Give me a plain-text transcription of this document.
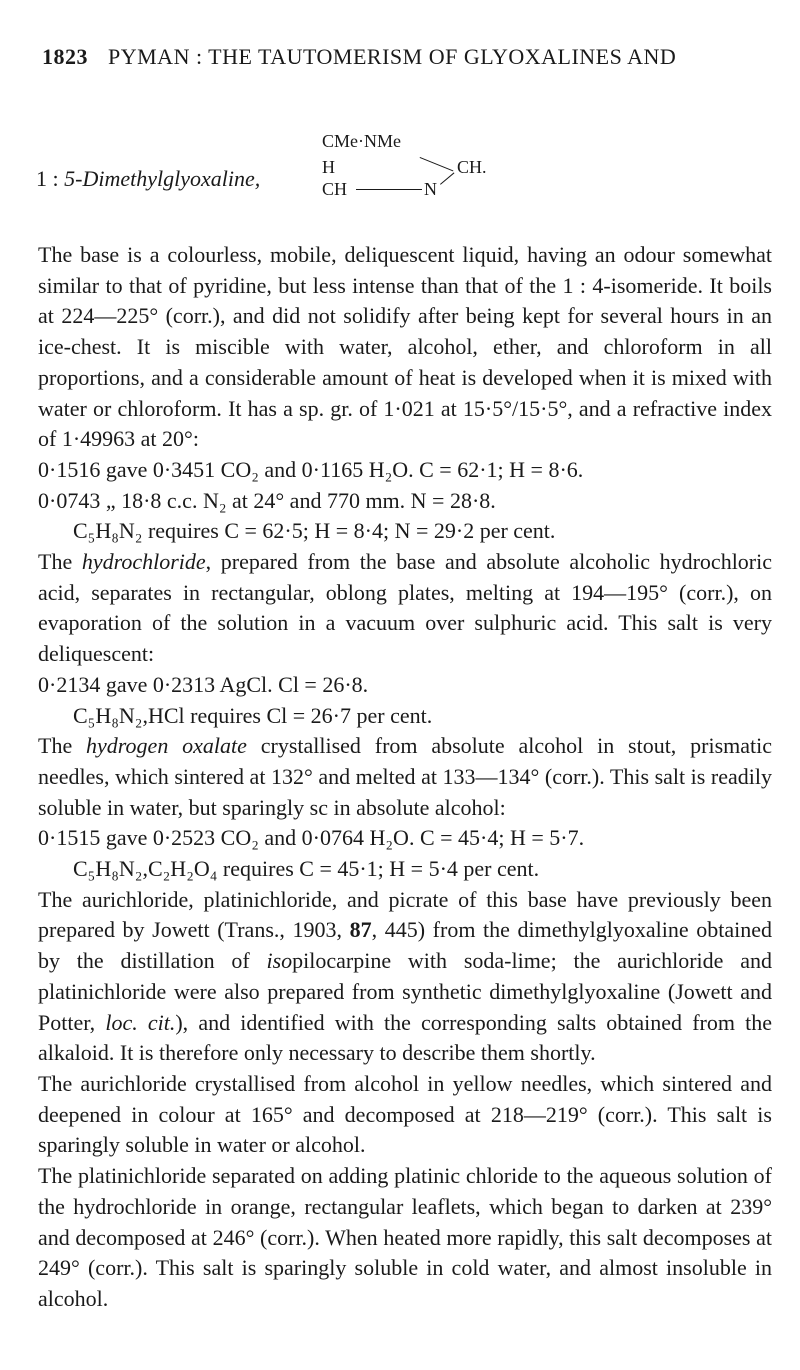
1823 PYMAN : THE TAUTOMERISM OF GLYOXALINES AND
1 : 5-Dimethylglyoxaline,
CMe·NMe
H
CH	N
CH.

The base is a colourless, mobile, deliquescent liquid, having an odour somewhat similar to that of pyridine, but less intense than that of the 1 : 4-isomeride. It boils at 224—225° (corr.), and did not solidify after being kept for several hours in an ice-chest. It is miscible with water, alcohol, ether, and chloroform in all proportions, and a considerable amount of heat is developed when it is mixed with water or chloroform. It has a sp. gr. of 1·021 at 15·5°/15·5°, and a refractive index of 1·49963 at 20°:

0·1516 gave 0·3451 CO₂ and 0·1165 H₂O. C = 62·1; H = 8·6.
0·0743 „ 18·8 c.c. N₂ at 24° and 770 mm. N = 28·8.
C₅H₈N₂ requires C = 62·5; H = 8·4; N = 29·2 per cent.

The hydrochloride, prepared from the base and absolute alcoholic hydrochloric acid, separates in rectangular, oblong plates, melting at 194—195° (corr.), on evaporation of the solution in a vacuum over sulphuric acid. This salt is very deliquescent:

0·2134 gave 0·2313 AgCl. Cl = 26·8.
C₅H₈N₂,HCl requires Cl = 26·7 per cent.

The hydrogen oxalate crystallised from absolute alcohol in stout, prismatic needles, which sintered at 132° and melted at 133—134° (corr.). This salt is readily soluble in water, but sparingly sc in absolute alcohol:

0·1515 gave 0·2523 CO₂ and 0·0764 H₂O. C = 45·4; H = 5·7.
C₅H₈N₂,C₂H₂O₄ requires C = 45·1; H = 5·4 per cent.

The aurichloride, platinichloride, and picrate of this base have previously been prepared by Jowett (Trans., 1903, 87, 445) from the dimethylglyoxaline obtained by the distillation of isopilocarpine with soda-lime; the aurichloride and platinichloride were also prepared from synthetic dimethylglyoxaline (Jowett and Potter, loc. cit.), and identified with the corresponding salts obtained from the alkaloid. It is therefore only necessary to describe them shortly.

The aurichloride crystallised from alcohol in yellow needles, which sintered and deepened in colour at 165° and decomposed at 218—219° (corr.). This salt is sparingly soluble in water or alcohol.

The platinichloride separated on adding platinic chloride to the aqueous solution of the hydrochloride in orange, rectangular leaflets, which began to darken at 239° and decomposed at 246° (corr.). When heated more rapidly, this salt decomposes at 249° (corr.). This salt is sparingly soluble in cold water, and almost insoluble in alcohol.
